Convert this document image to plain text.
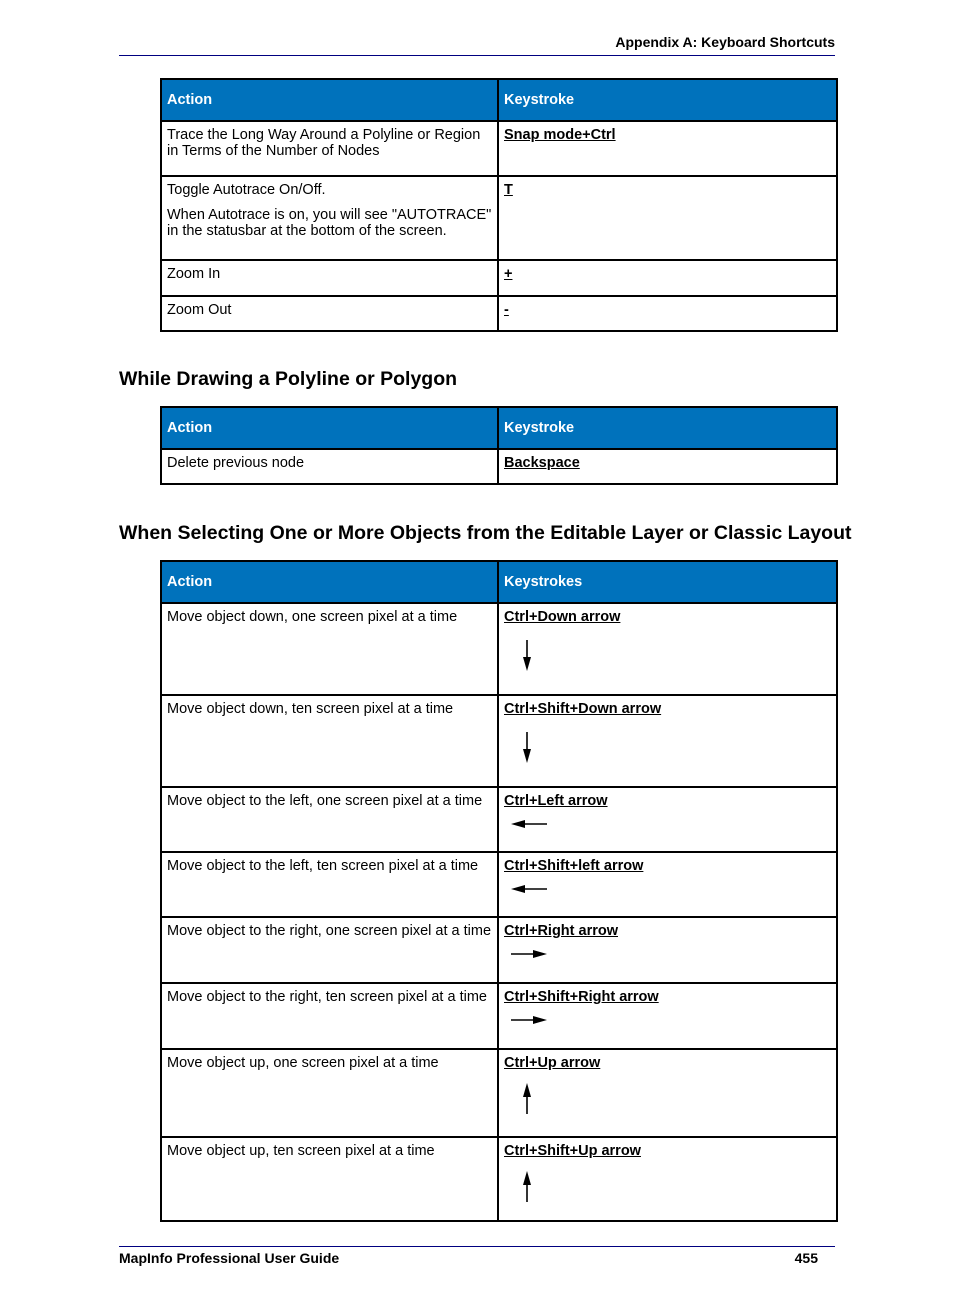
Appendix A: Keyboard Shortcuts
Action	Keystroke
Trace the Long Way Around a Polyline or Region in Terms of the Number of Nodes	Snap mode+Ctrl

Toggle Autotrace On/Off.
When Autotrace is on, you will see "AUTOTRACE" in the statusbar at the bottom of the screen.	T
Zoom In	+
Zoom Out	-
While Drawing a Polyline or Polygon
Action	Keystroke
Delete previous node	Backspace
When Selecting One or More Objects from the Editable Layer or Classic Layout
Action	Keystrokes
Move object down, one screen pixel at a time	Ctrl+Down arrow

Move object down, ten screen pixel at a time	Ctrl+Shift+Down arrow

Move object to the left, one screen pixel at a time	Ctrl+Left arrow

Move object to the left, ten screen pixel at a time	Ctrl+Shift+left arrow

Move object to the right, one screen pixel at a time	Ctrl+Right arrow

Move object to the right, ten screen pixel at a time	Ctrl+Shift+Right arrow

Move object up, one screen pixel at a time	Ctrl+Up arrow

Move object up, ten screen pixel at a time	Ctrl+Shift+Up arrow
MapInfo Professional User Guide	455
